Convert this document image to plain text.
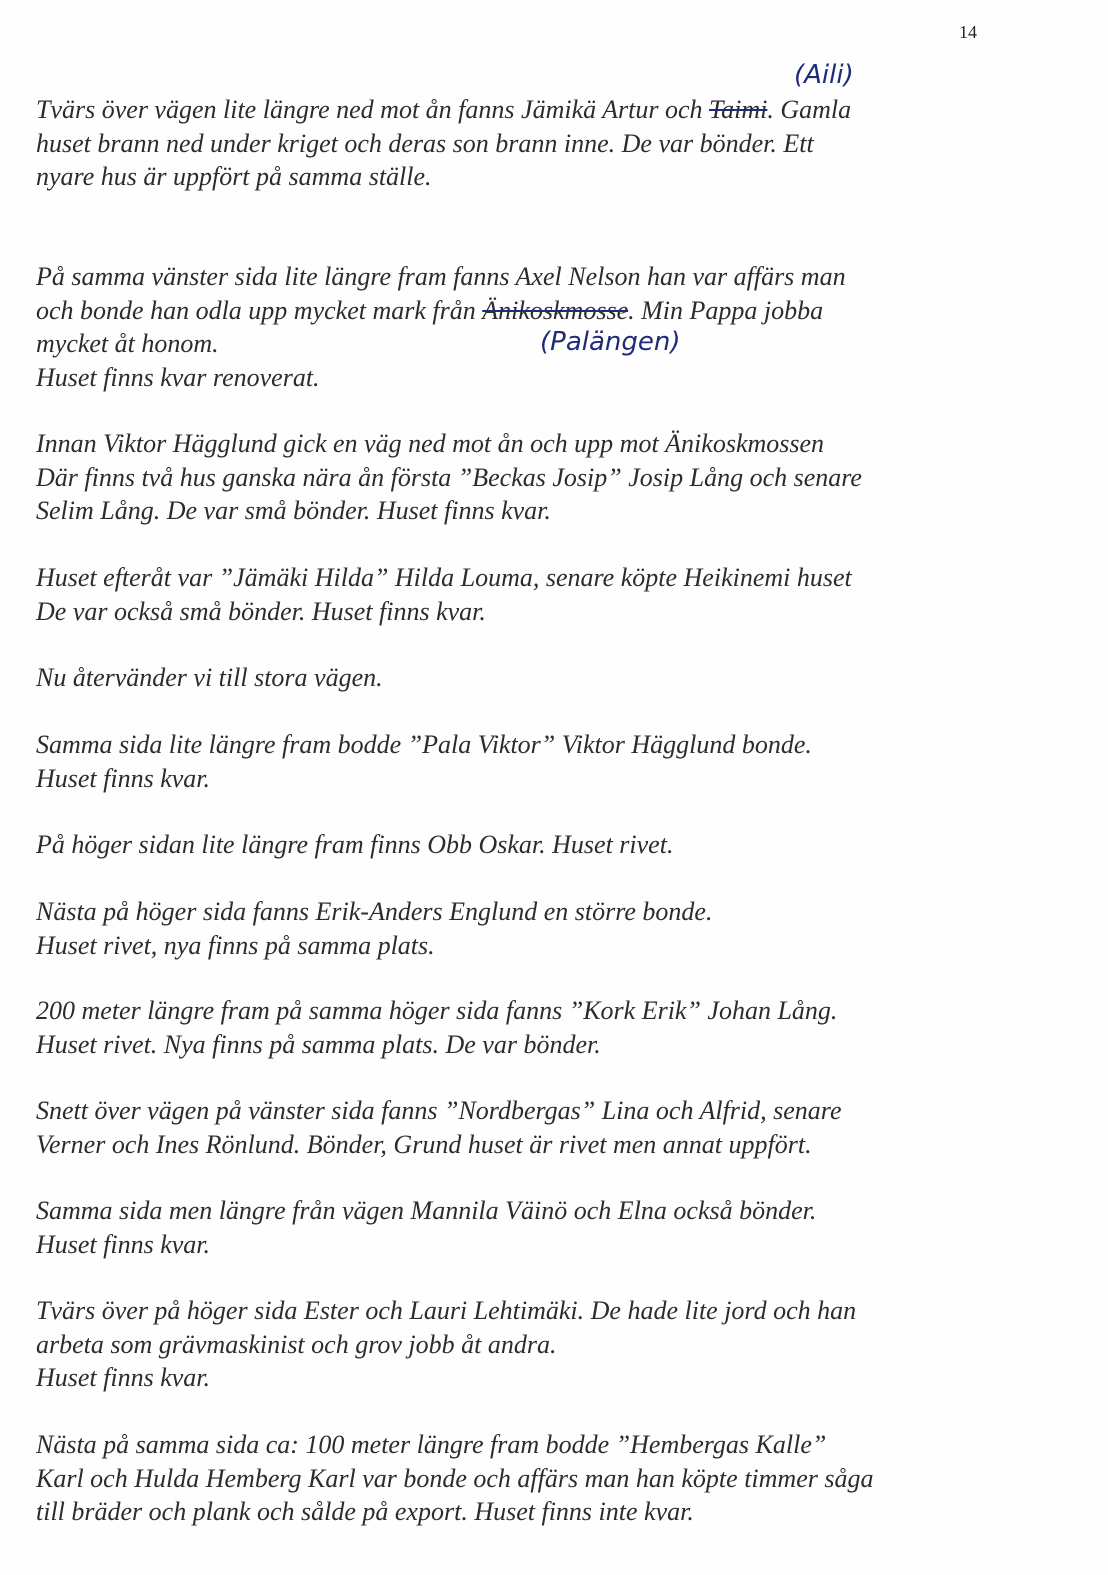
14
(Aili)
(Palängen)
Tvärs över vägen lite längre ned mot ån fanns Jämikä Artur och Taimi. Gamla
huset brann ned under kriget och deras son brann inne. De var bönder. Ett
nyare hus är uppfört på samma ställe.
På samma vänster sida lite längre fram fanns Axel Nelson han var affärs man
och bonde han odla upp mycket mark från Änikoskmosse. Min Pappa jobba
mycket åt honom.
Huset finns kvar renoverat.
Innan Viktor Hägglund gick en väg ned mot ån och upp mot Änikoskmossen
Där finns två hus ganska nära ån första ”Beckas Josip” Josip Lång och senare
Selim Lång. De var små bönder. Huset finns kvar.
Huset efteråt var ”Jämäki Hilda” Hilda Louma, senare köpte Heikinemi huset
De var också små bönder. Huset finns kvar.
Nu återvänder vi till stora vägen.
Samma sida lite längre fram bodde ”Pala Viktor” Viktor Hägglund bonde.
Huset finns kvar.
På höger sidan lite längre fram finns Obb Oskar. Huset rivet.
Nästa på höger sida fanns Erik-Anders Englund en större bonde.
Huset rivet, nya finns på samma plats.
200 meter längre fram på samma höger sida fanns ”Kork Erik” Johan Lång.
Huset rivet. Nya finns på samma plats. De var bönder.
Snett över vägen på vänster sida fanns ”Nordbergas” Lina och Alfrid, senare
Verner och Ines Rönlund. Bönder, Grund huset är rivet men annat uppfört.
Samma sida men längre från vägen Mannila Väinö och Elna också bönder.
Huset finns kvar.
Tvärs över på höger sida Ester och Lauri Lehtimäki. De hade lite jord och han
arbeta som grävmaskinist och grov jobb åt andra.
Huset finns kvar.
Nästa på samma sida ca: 100 meter längre fram bodde ”Hembergas Kalle”
Karl och Hulda Hemberg Karl var bonde och affärs man han köpte timmer såga
till bräder och plank och sålde på export. Huset finns inte kvar.
